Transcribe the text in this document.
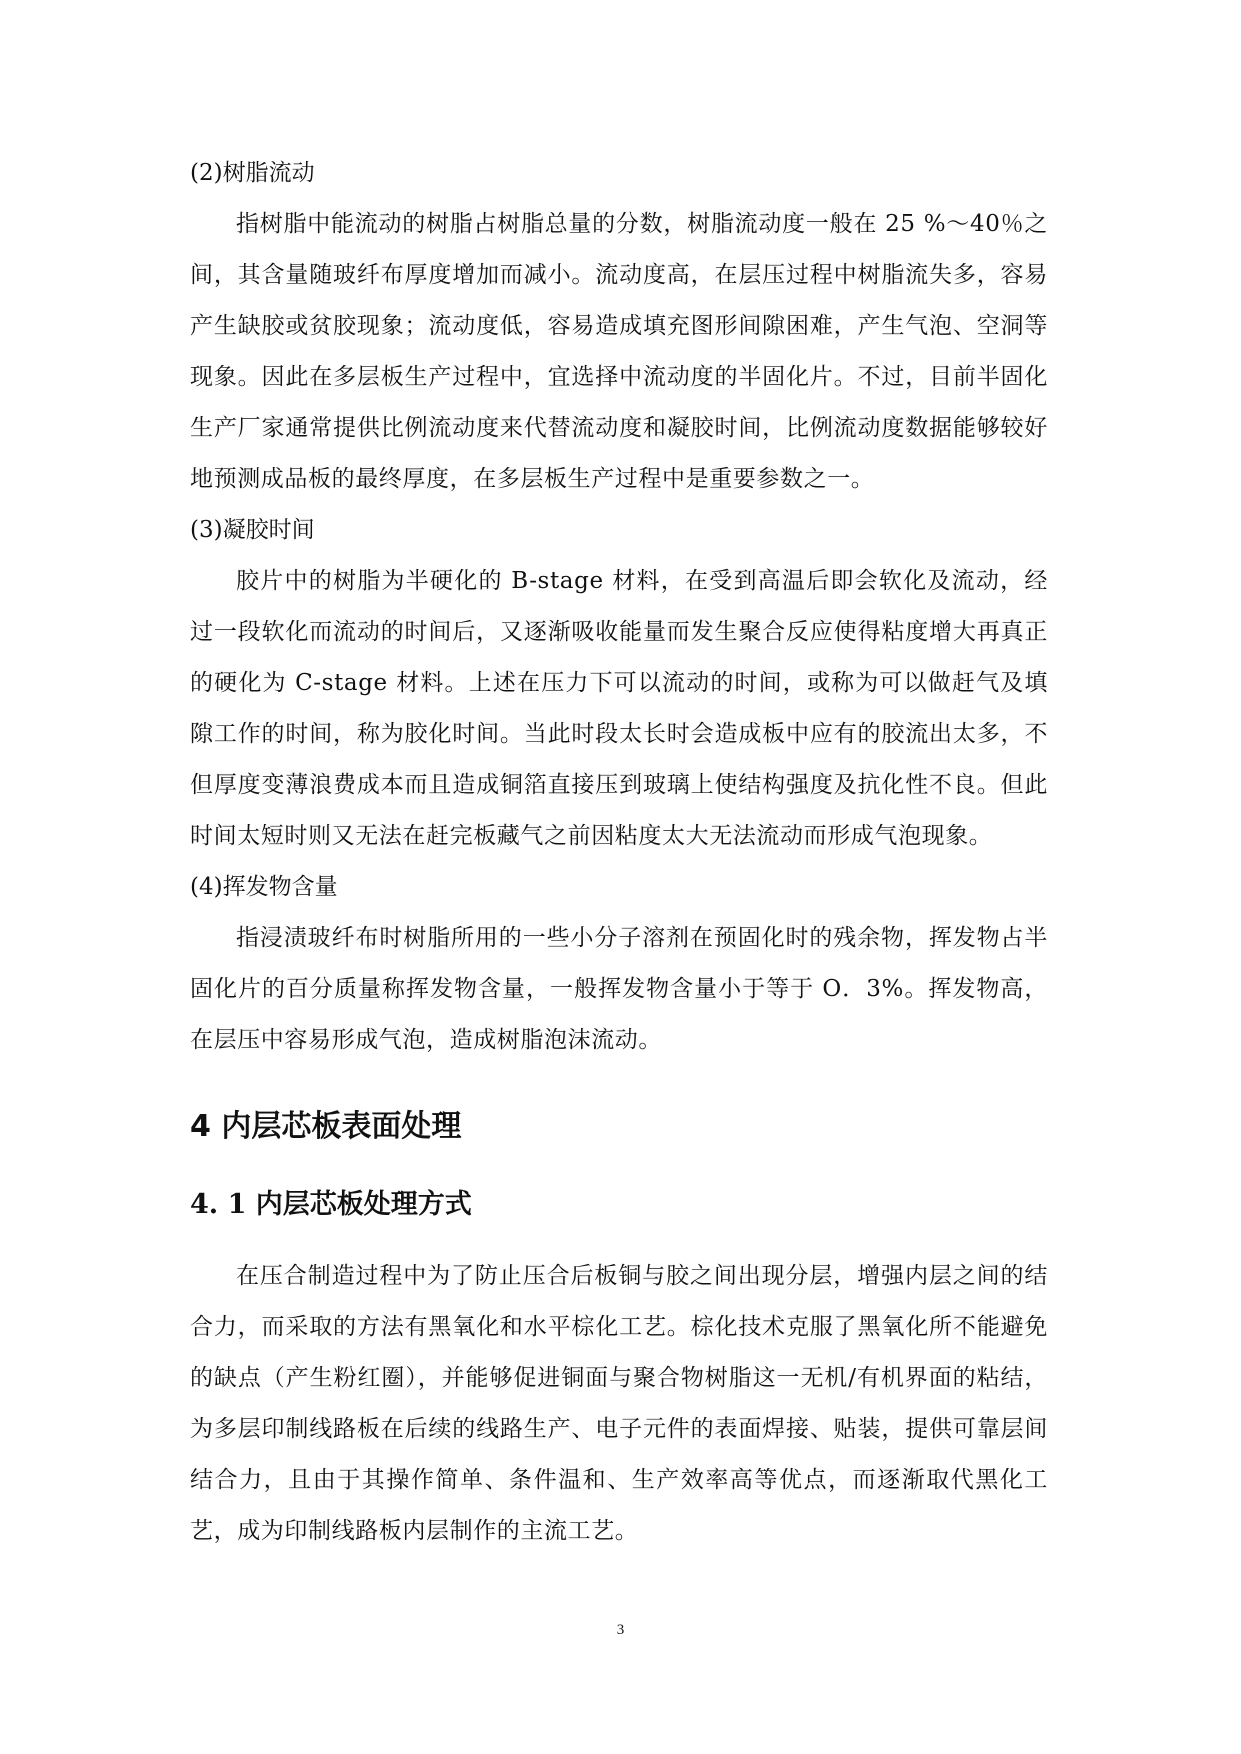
(2)树脂流动

指树脂中能流动的树脂占树脂总量的分数，树脂流动度一般在 25 %～40％之间，其含量随玻纤布厚度增加而减小。流动度高，在层压过程中树脂流失多，容易产生缺胶或贫胶现象；流动度低，容易造成填充图形间隙困难，产生气泡、空洞等现象。因此在多层板生产过程中，宜选择中流动度的半固化片。不过，目前半固化生产厂家通常提供比例流动度来代替流动度和凝胶时间，比例流动度数据能够较好地预测成品板的最终厚度，在多层板生产过程中是重要参数之一。

(3)凝胶时间

胶片中的树脂为半硬化的 B-stage 材料，在受到高温后即会软化及流动，经过一段软化而流动的时间后，又逐渐吸收能量而发生聚合反应使得粘度增大再真正的硬化为 C-stage 材料。上述在压力下可以流动的时间，或称为可以做赶气及填隙工作的时间，称为胶化时间。当此时段太长时会造成板中应有的胶流出太多，不但厚度变薄浪费成本而且造成铜箔直接压到玻璃上使结构强度及抗化性不良。但此时间太短时则又无法在赶完板藏气之前因粘度太大无法流动而形成气泡现象。

(4)挥发物含量

指浸渍玻纤布时树脂所用的一些小分子溶剂在预固化时的残余物，挥发物占半固化片的百分质量称挥发物含量，一般挥发物含量小于等于 O．3%。挥发物高，在层压中容易形成气泡，造成树脂泡沫流动。

4 内层芯板表面处理
4. 1 内层芯板处理方式

在压合制造过程中为了防止压合后板铜与胶之间出现分层，增强内层之间的结合力，而采取的方法有黑氧化和水平棕化工艺。棕化技术克服了黑氧化所不能避免的缺点（产生粉红圈），并能够促进铜面与聚合物树脂这一无机/有机界面的粘结，为多层印制线路板在后续的线路生产、电子元件的表面焊接、贴装，提供可靠层间结合力，且由于其操作简单、条件温和、生产效率高等优点，而逐渐取代黑化工艺，成为印制线路板内层制作的主流工艺。

3
